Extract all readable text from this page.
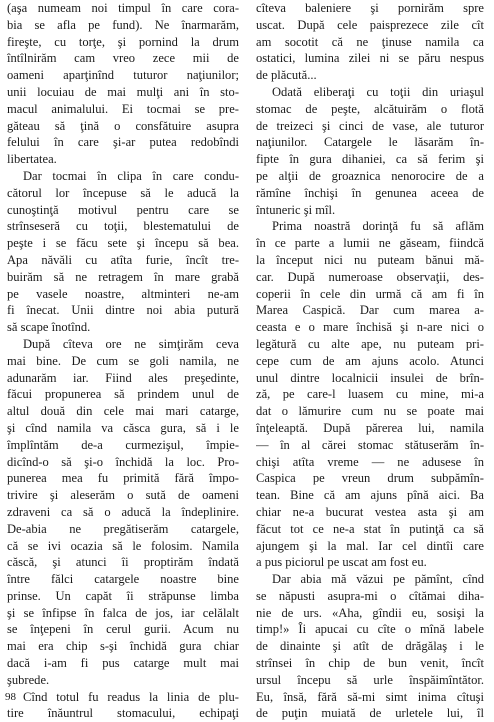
(aşa numeam noi timpul în care cora-
bia se afla pe fund). Ne înarmarăm,
fireşte, cu torţe, şi pornind la drum
întîlnirăm cam vreo zece mii de
oameni aparţinînd tuturor naţiunilor;
unii locuiau de mai mulţi ani în sto-
macul animalului. Ei tocmai se pre-
găteau să ţină o consfătuire asupra
felului în care şi-ar putea redobîndi
libertatea.
Dar tocmai în clipa în care condu-
cătorul lor începuse să le aducă la
cunoştinţă motivul pentru care se
strînseseră cu toţii, blestematului de
peşte i se făcu sete şi începu să bea.
Apa năvăli cu atîta furie, încît tre-
buirăm să ne retragem în mare grabă
pe vasele noastre, altminteri ne-am
fi înecat. Unii dintre noi abia putură
să scape înotînd.
După cîteva ore ne simţirăm ceva
mai bine. De cum se goli namila, ne
adunarăm iar. Fiind ales preşedinte,
făcui propunerea să prindem unul de
altul două din cele mai mari catarge,
şi cînd namila va căsca gura, să i le
împlîntăm de-a curmezişul, împie-
dicînd-o să şi-o închidă la loc. Pro-
punerea mea fu primită fără împo-
trivire şi aleserăm o sută de oameni
zdraveni ca să o aducă la îndeplinire.
De-abia ne pregătiserăm catargele,
că se ivi ocazia să le folosim. Namila
căscă, şi atunci îi proptirăm îndată
între fălci catargele noastre bine
prinse. Un capăt îi străpunse limba
şi se înfipse în falca de jos, iar celălalt
se înţepeni în cerul gurii. Acum nu
mai era chip s-şi închidă gura chiar
dacă i-am fi pus catarge mult mai
şubrede.
Cînd totul fu readus la linia de plu-
tire înăuntrul stomacului, echipaţi
cîteva baleniere şi pornirăm spre
uscat. După cele paisprezece zile cît
am socotit că ne ţinuse namila ca
ostatici, lumina zilei ni se păru nespus
de plăcută...
Odată eliberaţi cu toţii din uriaşul
stomac de peşte, alcătuirăm o flotă
de treizeci şi cinci de vase, ale tuturor
naţiunilor. Catargele le lăsarăm în-
fipte în gura dihaniei, ca să ferim şi
pe alţii de groaznica nenorocire de a
rămîne închişi în genunea aceea de
întuneric şi mîl.
Prima noastră dorinţă fu să aflăm
în ce parte a lumii ne găseam, fiindcă
la început nici nu puteam bănui mă-
car. După numeroase observaţii, des-
coperii în cele din urmă că am fi în
Marea Caspică. Dar cum marea a-
ceasta e o mare închisă şi n-are nici o
legătură cu alte ape, nu puteam pri-
cepe cum de am ajuns acolo. Atunci
unul dintre localnicii insulei de brîn-
ză, pe care-l luasem cu mine, mi-a
dat o lămurire cum nu se poate mai
înţeleaptă. După părerea lui, namila
— în al cărei stomac stătuserăm în-
chişi atîta vreme — ne adusese în
Caspica pe vreun drum subpămîn-
tean. Bine că am ajuns pînă aici. Ba
chiar ne-a bucurat vestea asta şi am
făcut tot ce ne-a stat în putinţă ca să
ajungem şi la mal. Iar cel dintîi care
a pus piciorul pe uscat am fost eu.
Dar abia mă văzui pe pămînt, cînd
se năpusti asupra-mi o cîtămai diha-
nie de urs. «Aha, gîndii eu, sosişi la
timp!» Îi apucai cu cîte o mînă labele
de dinainte şi atît de drăgălaş i le
strînsei în chip de bun venit, încît
ursul începu să urle înspăimîntător.
Eu, însă, fără să-mi simt inima cîtuşi
de puţin muiată de urletele lui, îl
98
